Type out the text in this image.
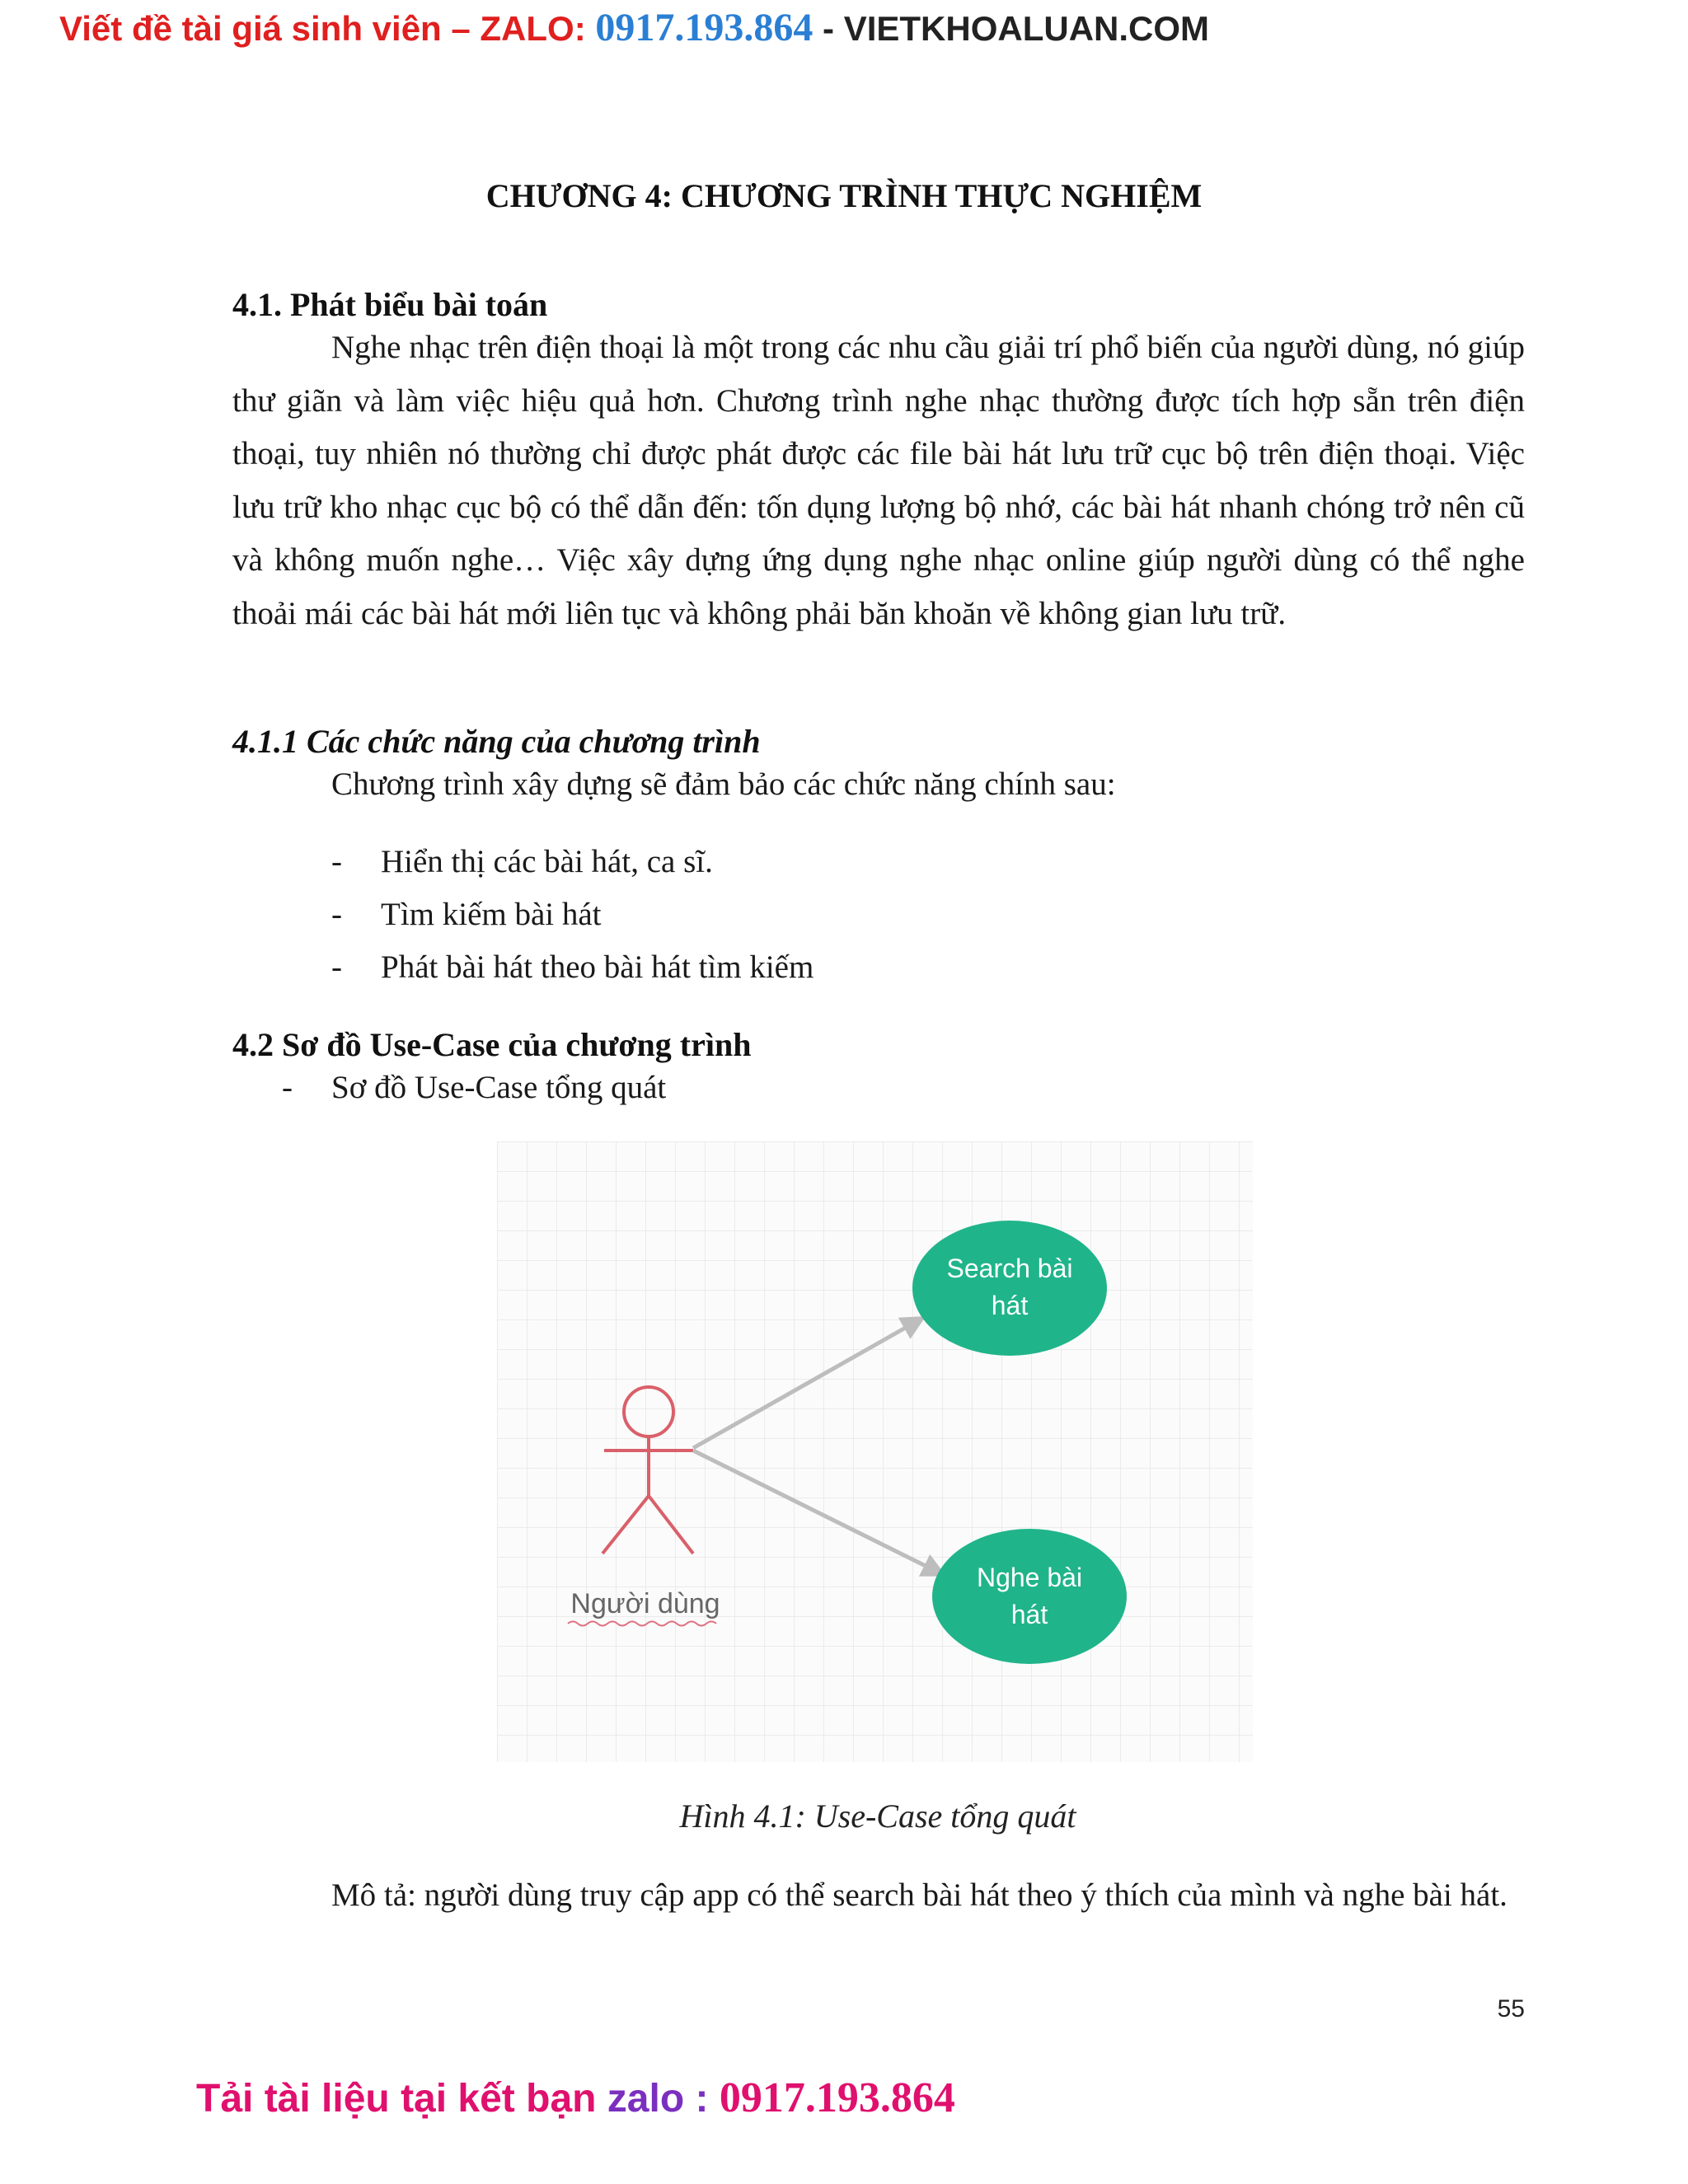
Viết đề tài giá sinh viên – ZALO: 0917.193.864 - VIETKHOALUAN.COM
CHƯƠNG 4: CHƯƠNG TRÌNH THỰC NGHIỆM
4.1. Phát biểu bài toán

Nghe nhạc trên điện thoại là một trong các nhu cầu giải trí phổ biến của người dùng, nó giúp thư giãn và làm việc hiệu quả hơn. Chương trình nghe nhạc thường được tích hợp sẵn trên điện thoại, tuy nhiên nó thường chỉ được phát được các file bài hát lưu trữ cục bộ trên điện thoại. Việc lưu trữ kho nhạc cục bộ có thể dẫn đến: tốn dụng lượng bộ nhớ, các bài hát nhanh chóng trở nên cũ và không muốn nghe… Việc xây dựng ứng dụng nghe nhạc online giúp người dùng có thể nghe thoải mái các bài hát mới liên tục và không phải băn khoăn về không gian lưu trữ.

4.1.1 Các chức năng của chương trình
Chương trình xây dựng sẽ đảm bảo các chức năng chính sau:
-	Hiển thị các bài hát, ca sĩ.
-	Tìm kiếm bài hát
-	Phát bài hát theo bài hát tìm kiếm
4.2 Sơ đồ Use-Case của chương trình
-	Sơ đồ Use-Case tổng quát
Người dùng
Search bài
hát
Nghe bài
hát
Hình 4.1: Use-Case tổng quát

Mô tả: người dùng truy cập app có thể search bài hát theo ý thích của mình và nghe bài hát.

55
Tải tài liệu tại kết bạn zalo : 0917.193.864
